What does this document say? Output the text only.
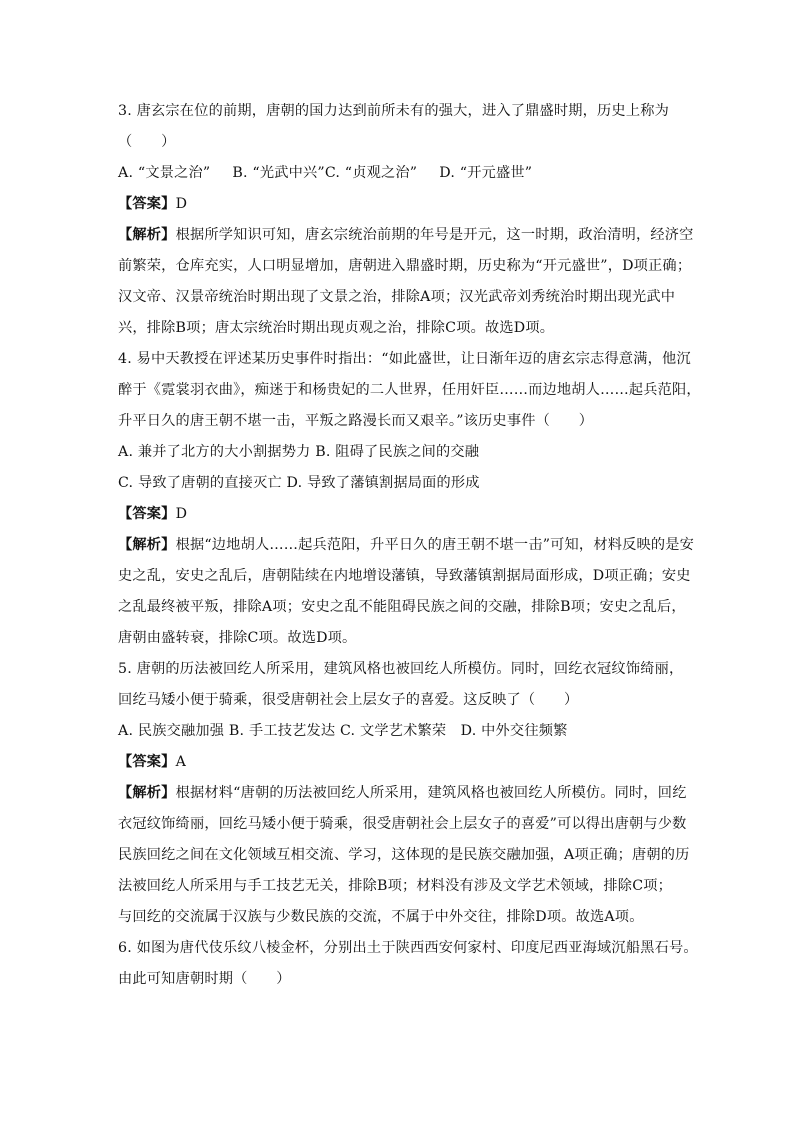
3. 唐玄宗在位的前期，唐朝的国力达到前所未有的强大，进入了鼎盛时期，历史上称为
（　　）
A. “文景之治” B. “光武中兴”C. “贞观之治” D. “开元盛世”
【答案】D
【解析】根据所学知识可知，唐玄宗统治前期的年号是开元，这一时期，政治清明，经济空
前繁荣，仓库充实，人口明显增加，唐朝进入鼎盛时期，历史称为“开元盛世”，D项正确；
汉文帝、汉景帝统治时期出现了文景之治，排除A项；汉光武帝刘秀统治时期出现光武中
兴，排除B项；唐太宗统治时期出现贞观之治，排除C项。故选D项。
4. 易中天教授在评述某历史事件时指出：“如此盛世，让日渐年迈的唐玄宗志得意满，他沉
醉于《霓裳羽衣曲》，痴迷于和杨贵妃的二人世界，任用奸臣……而边地胡人……起兵范阳，
升平日久的唐王朝不堪一击，平叛之路漫长而又艰辛。”该历史事件（　　）
A. 兼并了北方的大小割据势力 B. 阻碍了民族之间的交融
C. 导致了唐朝的直接灭亡 D. 导致了藩镇割据局面的形成
【答案】D
【解析】根据“边地胡人……起兵范阳，升平日久的唐王朝不堪一击”可知，材料反映的是安
史之乱，安史之乱后，唐朝陆续在内地增设藩镇，导致藩镇割据局面形成，D项正确；安史
之乱最终被平叛，排除A项；安史之乱不能阻碍民族之间的交融，排除B项；安史之乱后，
唐朝由盛转衰，排除C项。故选D项。
5. 唐朝的历法被回纥人所采用，建筑风格也被回纥人所模仿。同时，回纥衣冠纹饰绮丽，
回纥马矮小便于骑乘，很受唐朝社会上层女子的喜爱。这反映了（　　）
A. 民族交融加强 B. 手工技艺发达 C. 文学艺术繁荣　D. 中外交往频繁
【答案】A
【解析】根据材料“唐朝的历法被回纥人所采用，建筑风格也被回纥人所模仿。同时，回纥
衣冠纹饰绮丽，回纥马矮小便于骑乘，很受唐朝社会上层女子的喜爱”可以得出唐朝与少数
民族回纥之间在文化领域互相交流、学习，这体现的是民族交融加强，A项正确；唐朝的历
法被回纥人所采用与手工技艺无关，排除B项；材料没有涉及文学艺术领域，排除C项；
与回纥的交流属于汉族与少数民族的交流，不属于中外交往，排除D项。故选A项。
6. 如图为唐代伎乐纹八棱金杯，分别出土于陕西西安何家村、印度尼西亚海域沉船黑石号。
由此可知唐朝时期（　　）
